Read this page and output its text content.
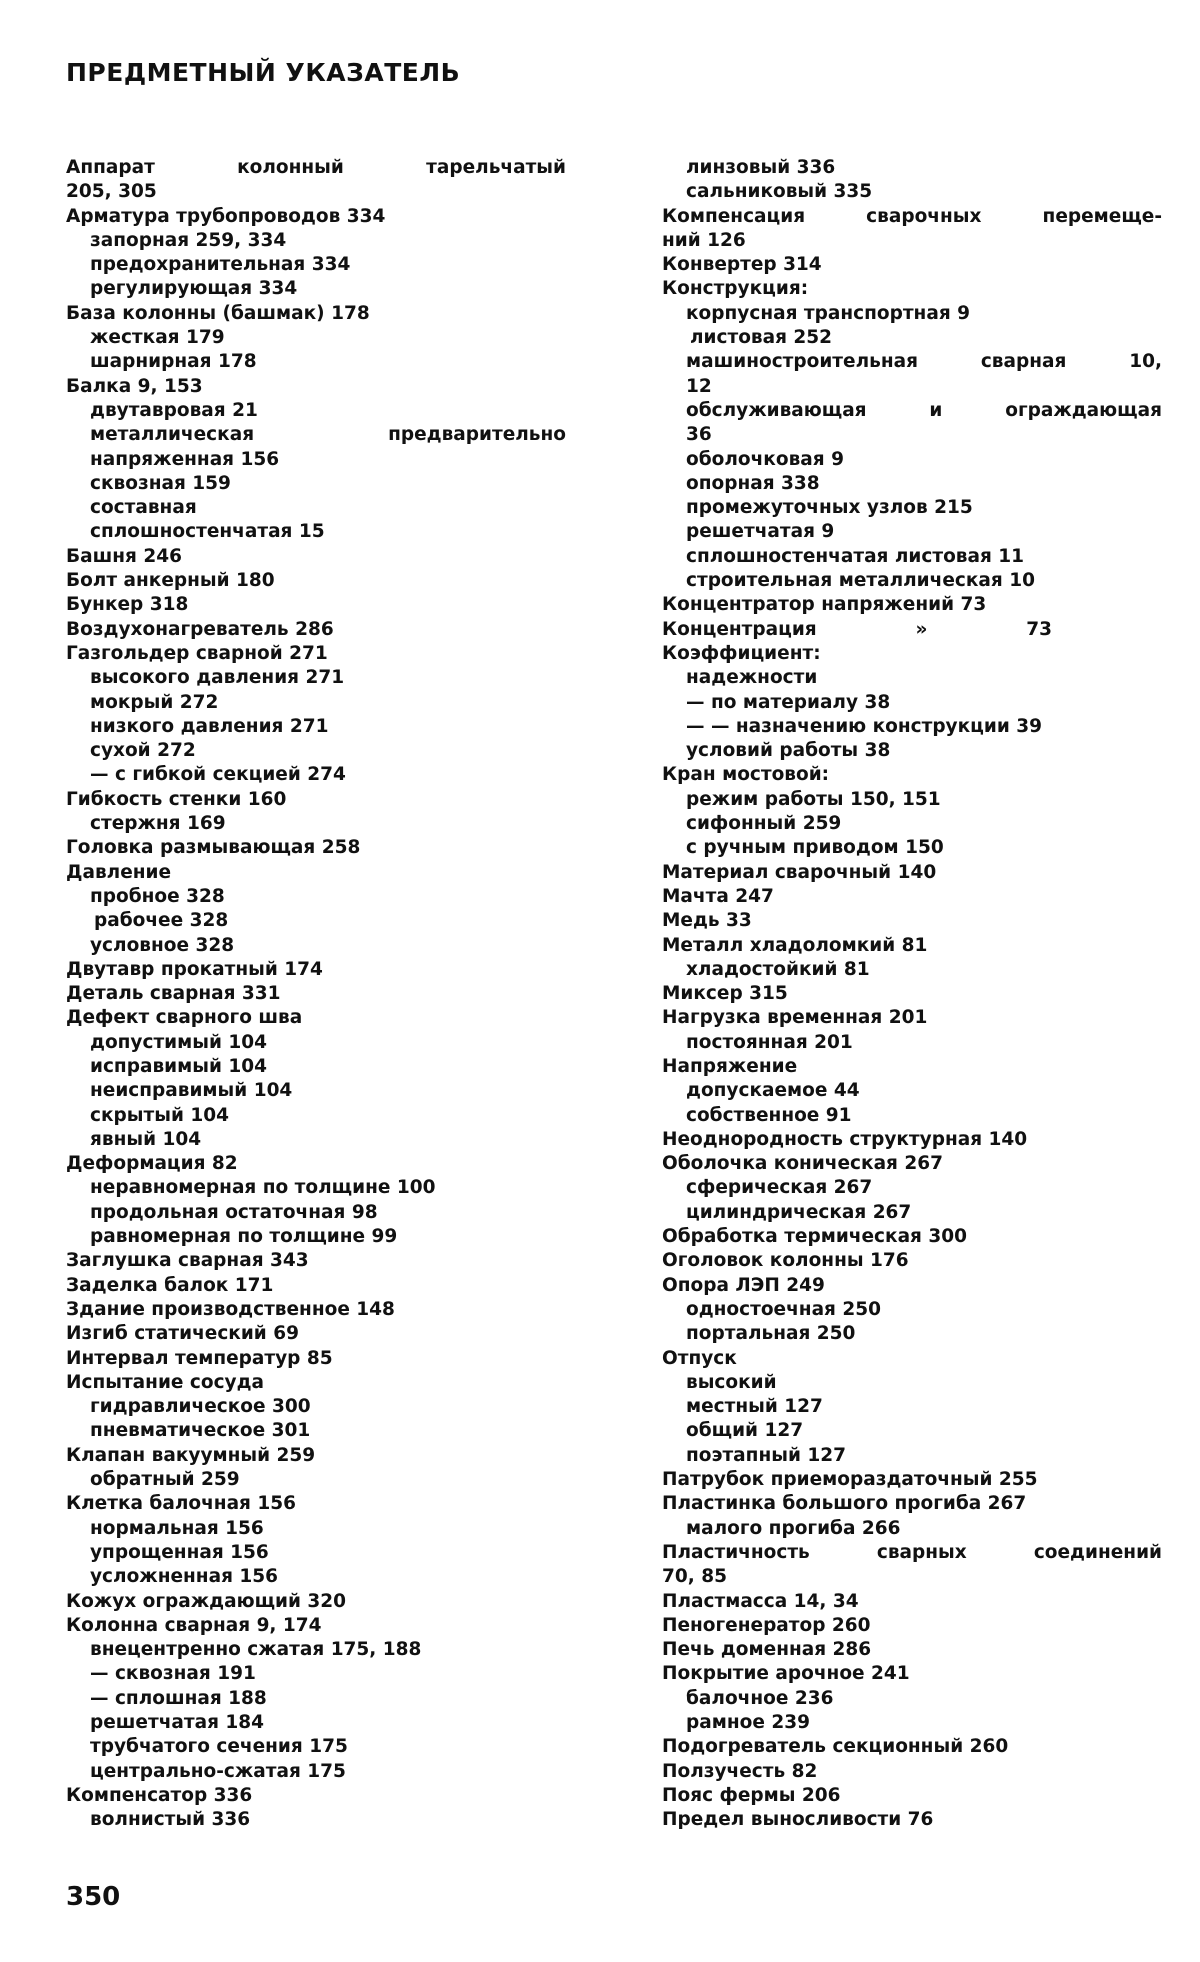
ПРЕДМЕТНЫЙ УКАЗАТЕЛЬ
Аппарат	колонный	тарельчатый
205, 305
Арматура трубопроводов 334
запорная 259, 334
предохранительная 334
регулирующая 334
База колонны (башмак) 178
жесткая 179
шарнирная 178
Балка 9, 153
двутавровая 21
металлическая	предварительно
напряженная 156
сквозная 159
составная
сплошностенчатая 15
Башня 246
Болт анкерный 180
Бункер 318
Воздухонагреватель 286
Газгольдер сварной 271
высокого давления 271
мокрый 272
низкого давления 271
сухой 272
— с гибкой секцией 274
Гибкость стенки 160
стержня 169
Головка размывающая 258
Давление
пробное 328
рабочее 328
условное 328
Двутавр прокатный 174
Деталь сварная 331
Дефект сварного шва
допустимый 104
исправимый 104
неисправимый 104
скрытый 104
явный 104
Деформация 82
неравномерная по толщине 100
продольная остаточная 98
равномерная по толщине 99
Заглушка сварная 343
Заделка балок 171
Здание производственное 148
Изгиб статический 69
Интервал температур 85
Испытание сосуда
гидравлическое 300
пневматическое 301
Клапан вакуумный 259
обратный 259
Клетка балочная 156
нормальная 156
упрощенная 156
усложненная 156
Кожух ограждающий 320
Колонна сварная 9, 174
внецентренно сжатая 175, 188
— сквозная 191
— сплошная 188
решетчатая 184
трубчатого сечения 175
центрально-сжатая 175
Компенсатор 336
волнистый 336
линзовый 336
сальниковый 335
Компенсация	сварочных	перемеще-
ний 126
Конвертер 314
Конструкция:
корпусная транспортная 9
листовая 252
машиностроительная	сварная	10,
12
обслуживающая	и	ограждающая
36
оболочковая 9
опорная 338
промежуточных узлов 215
решетчатая 9
сплошностенчатая листовая 11
строительная металлическая 10
Концентратор напряжений 73
Концентрация	»	73
Коэффициент:
надежности
— по материалу 38
— — назначению конструкции 39
условий работы 38
Кран мостовой:
режим работы 150, 151
сифонный 259
с ручным приводом 150
Материал сварочный 140
Мачта 247
Медь 33
Металл хладоломкий 81
хладостойкий 81
Миксер 315
Нагрузка временная 201
постоянная 201
Напряжение
допускаемое 44
собственное 91
Неоднородность структурная 140
Оболочка коническая 267
сферическая 267
цилиндрическая 267
Обработка термическая 300
Оголовок колонны 176
Опора ЛЭП 249
одностоечная 250
портальная 250
Отпуск
высокий
местный 127
общий 127
поэтапный 127
Патрубок приемораздаточный 255
Пластинка большого прогиба 267
малого прогиба 266
Пластичность	сварных	соединений
70, 85
Пластмасса 14, 34
Пеногенератор 260
Печь доменная 286
Покрытие арочное 241
балочное 236
рамное 239
Подогреватель секционный 260
Ползучесть 82
Пояс фермы 206
Предел выносливости 76
350
